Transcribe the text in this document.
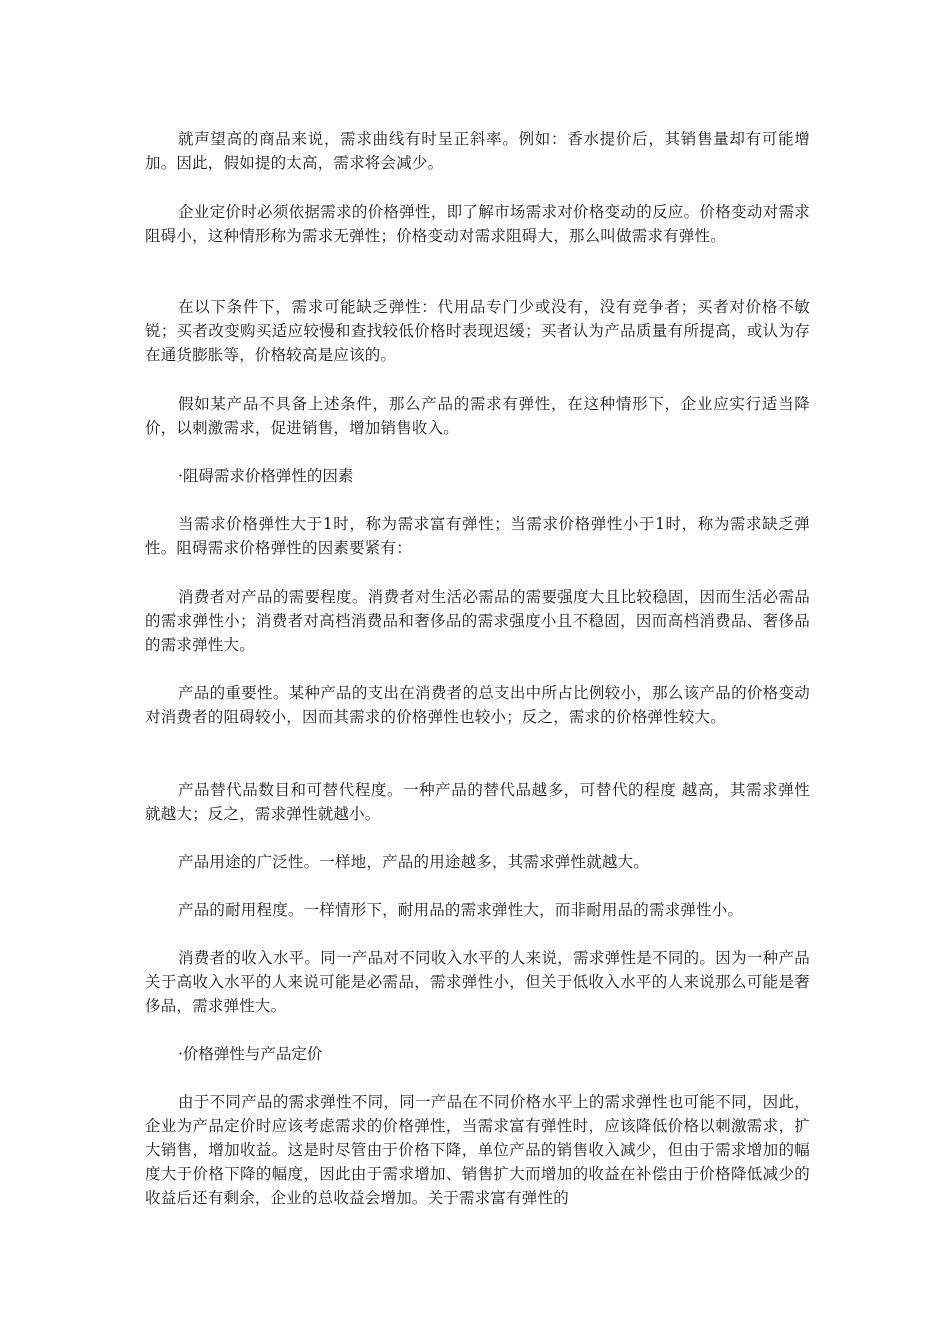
就声望高的商品来说，需求曲线有时呈正斜率。例如：香水提价后，其销售量却有可能增加。因此，假如提的太高，需求将会减少。

企业定价时必须依据需求的价格弹性，即了解市场需求对价格变动的反应。价格变动对需求阻碍小，这种情形称为需求无弹性；价格变动对需求阻碍大，那么叫做需求有弹性。

在以下条件下，需求可能缺乏弹性：代用品专门少或没有，没有竞争者；买者对价格不敏锐；买者改变购买适应较慢和查找较低价格时表现迟缓；买者认为产品质量有所提高，或认为存在通货膨胀等，价格较高是应该的。

假如某产品不具备上述条件，那么产品的需求有弹性，在这种情形下，企业应实行适当降价，以刺激需求，促进销售，增加销售收入。

·阻碍需求价格弹性的因素

当需求价格弹性大于1时，称为需求富有弹性；当需求价格弹性小于1时，称为需求缺乏弹性。阻碍需求价格弹性的因素要紧有：

消费者对产品的需要程度。消费者对生活必需品的需要强度大且比较稳固，因而生活必需品的需求弹性小；消费者对高档消费品和奢侈品的需求强度小且不稳固，因而高档消费品、奢侈品的需求弹性大。

产品的重要性。某种产品的支出在消费者的总支出中所占比例较小，那么该产品的价格变动对消费者的阻碍较小，因而其需求的价格弹性也较小；反之，需求的价格弹性较大。

产品替代品数目和可替代程度。一种产品的替代品越多，可替代的程度 越高，其需求弹性就越大；反之，需求弹性就越小。

产品用途的广泛性。一样地，产品的用途越多，其需求弹性就越大。

产品的耐用程度。一样情形下，耐用品的需求弹性大，而非耐用品的需求弹性小。

消费者的收入水平。同一产品对不同收入水平的人来说，需求弹性是不同的。因为一种产品关于高收入水平的人来说可能是必需品，需求弹性小，但关于低收入水平的人来说那么可能是奢侈品，需求弹性大。

·价格弹性与产品定价

由于不同产品的需求弹性不同，同一产品在不同价格水平上的需求弹性也可能不同，因此，企业为产品定价时应该考虑需求的价格弹性，当需求富有弹性时，应该降低价格以刺激需求，扩大销售，增加收益。这是时尽管由于价格下降，单位产品的销售收入减少，但由于需求增加的幅度大于价格下降的幅度，因此由于需求增加、销售扩大而增加的收益在补偿由于价格降低减少的收益后还有剩余，企业的总收益会增加。关于需求富有弹性的
